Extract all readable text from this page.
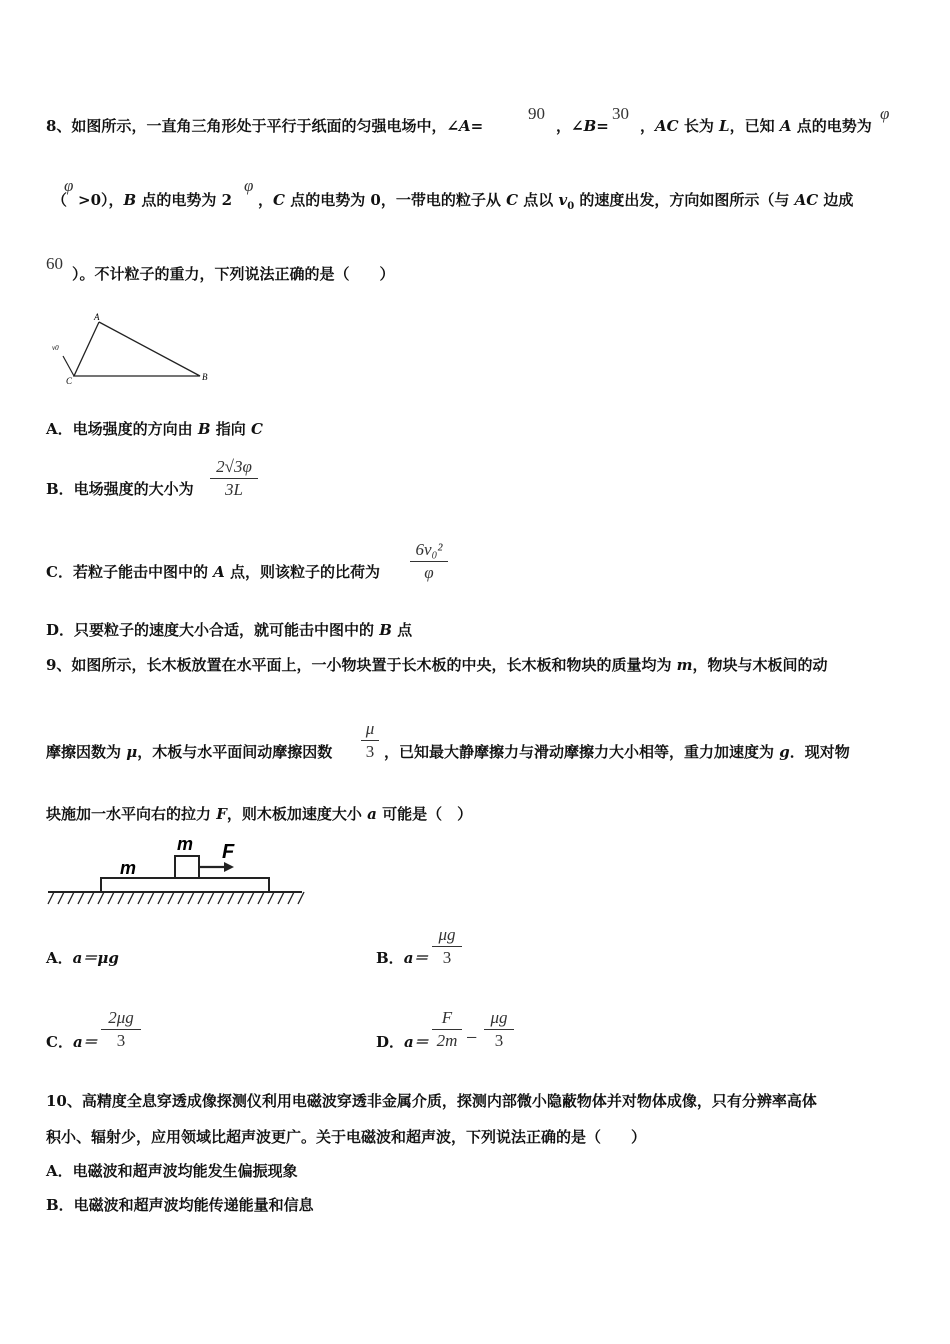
8、如图所示，一直角三角形处于平行于纸面的匀强电场中，∠A=
90
，∠B=
30
，AC 长为 L，已知 A 点的电势为
φ
（
φ
>0），B 点的电势为 2
φ
，C 点的电势为 0，一带电的粒子从 C 点以 $v_0$ 的速度出发，方向如图所示（与 AC 边成
60
）。不计粒子的重力，下列说法正确的是（　　）
A
B
C
v0
A．电场强度的方向由 B 指向 C
B．电场强度的大小为
2√3φ
3L
C．若粒子能击中图中的 A 点，则该粒子的比荷为
6v₀²
φ
D．只要粒子的速度大小合适，就可能击中图中的 B 点
9、如图所示，长木板放置在水平面上，一小物块置于长木板的中央，长木板和物块的质量均为 m，物块与木板间的动
摩擦因数为 μ，木板与水平面间动摩擦因数
μ
3 ，已知最大静摩擦力与滑动摩擦力大小相等，重力加速度为 g．现对物
块施加一水平向右的拉力 F，则木板加速度大小 a 可能是（　）
m
m
F
A．a＝μg	B．a＝
μg
3
C．a＝
2μg
3	D．a＝
F
2m −
μg
3
10、高精度全息穿透成像探测仪利用电磁波穿透非金属介质，探测内部微小隐蔽物体并对物体成像，只有分辨率高体
积小、辐射少，应用领域比超声波更广。关于电磁波和超声波，下列说法正确的是（　　）
A．电磁波和超声波均能发生偏振现象
B．电磁波和超声波均能传递能量和信息
